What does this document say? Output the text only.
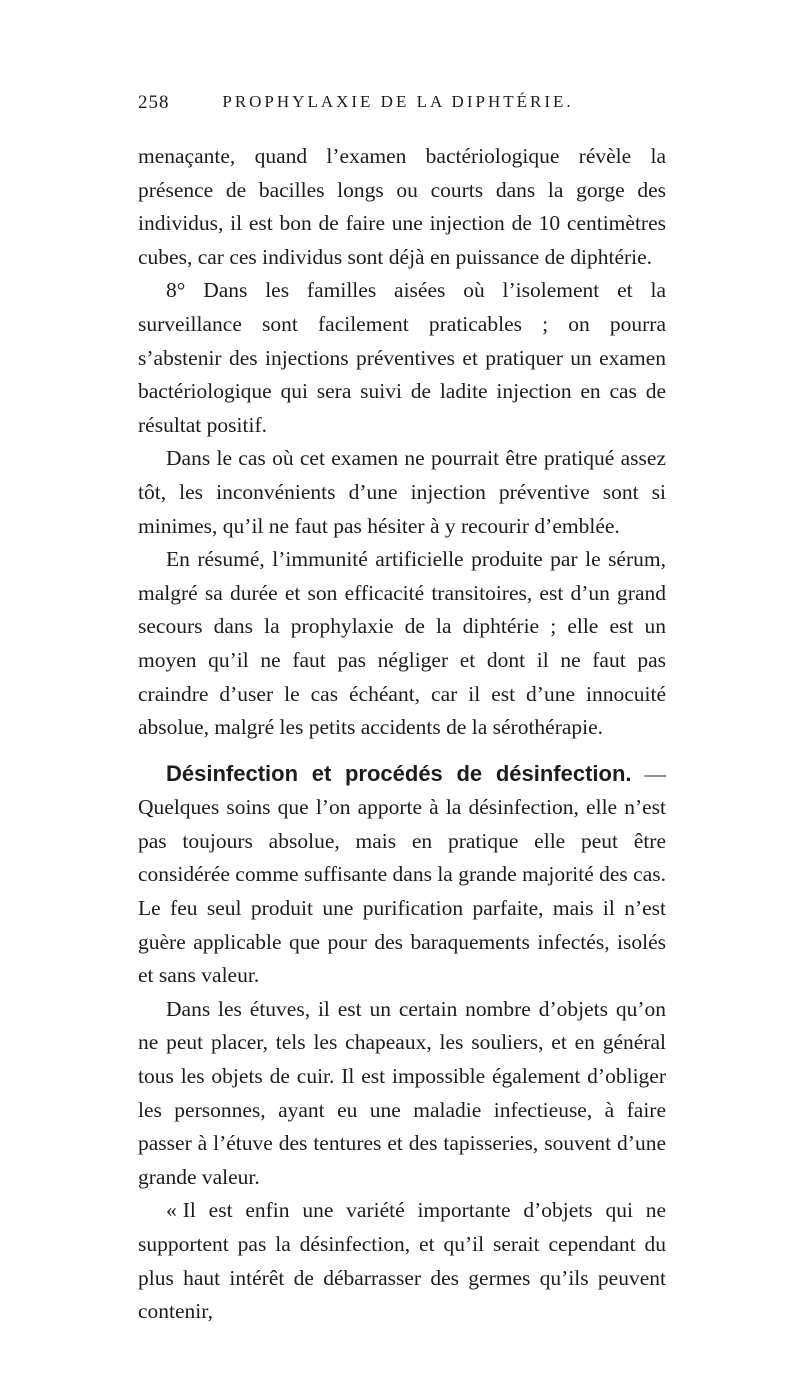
258	PROPHYLAXIE DE LA DIPHTÉRIE.

menaçante, quand l’examen bactériologique révèle la présence de bacilles longs ou courts dans la gorge des individus, il est bon de faire une injection de 10 centimètres cubes, car ces individus sont déjà en puissance de diphtérie.

8° Dans les familles aisées où l’isolement et la surveillance sont facilement praticables ; on pourra s’abstenir des injections préventives et pratiquer un examen bactériologique qui sera suivi de ladite injection en cas de résultat positif.

Dans le cas où cet examen ne pourrait être pratiqué assez tôt, les inconvénients d’une injection préventive sont si minimes, qu’il ne faut pas hésiter à y recourir d’emblée.

En résumé, l’immunité artificielle produite par le sérum, malgré sa durée et son efficacité transitoires, est d’un grand secours dans la prophylaxie de la diphtérie ; elle est un moyen qu’il ne faut pas négliger et dont il ne faut pas craindre d’user le cas échéant, car il est d’une innocuité absolue, malgré les petits accidents de la sérothérapie.

Désinfection et procédés de désinfection. — Quelques soins que l’on apporte à la désinfection, elle n’est pas toujours absolue, mais en pratique elle peut être considérée comme suffisante dans la grande majorité des cas. Le feu seul produit une purification parfaite, mais il n’est guère applicable que pour des baraquements infectés, isolés et sans valeur.

Dans les étuves, il est un certain nombre d’objets qu’on ne peut placer, tels les chapeaux, les souliers, et en général tous les objets de cuir. Il est impossible également d’obliger les personnes, ayant eu une maladie infectieuse, à faire passer à l’étuve des tentures et des tapisseries, souvent d’une grande valeur.

« Il est enfin une variété importante d’objets qui ne supportent pas la désinfection, et qu’il serait cependant du plus haut intérêt de débarrasser des germes qu’ils peuvent contenir,
